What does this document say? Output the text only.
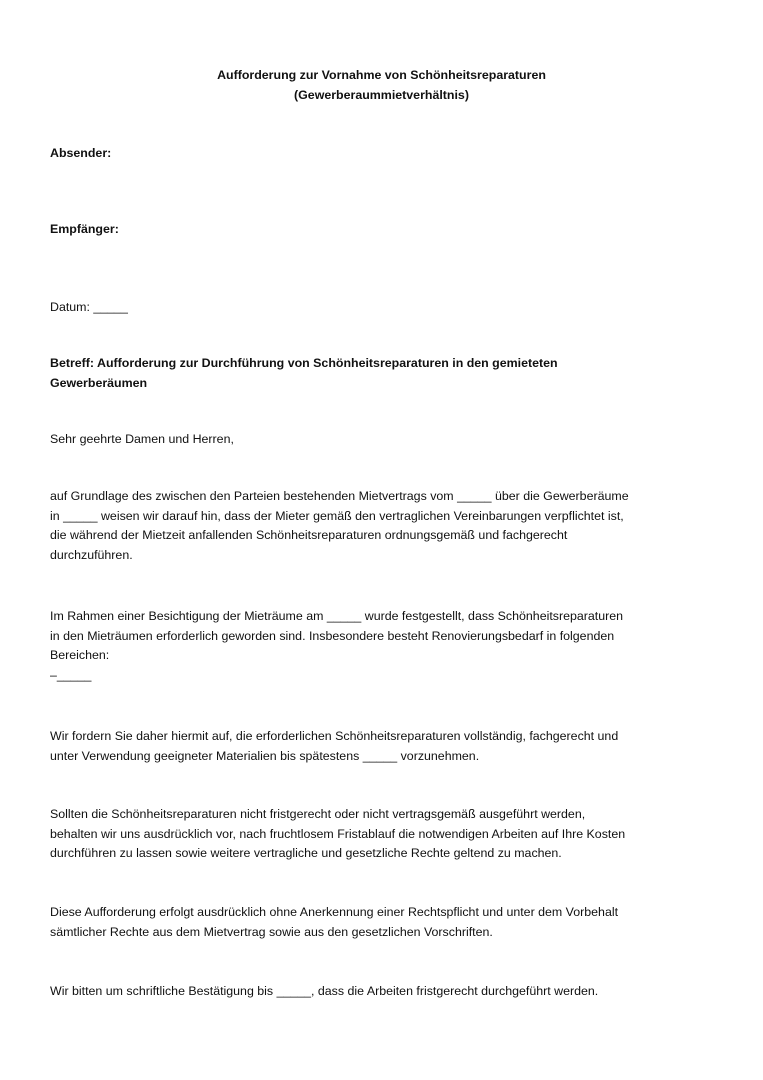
Aufforderung zur Vornahme von Schönheitsreparaturen
(Gewerberaummietverhältnis)

Absender:

Empfänger:

Datum: _____

Betreff: Aufforderung zur Durchführung von Schönheitsreparaturen in den gemieteten
Gewerberäumen

Sehr geehrte Damen und Herren,

auf Grundlage des zwischen den Parteien bestehenden Mietvertrags vom _____ über die Gewerberäume
in _____ weisen wir darauf hin, dass der Mieter gemäß den vertraglichen Vereinbarungen verpflichtet ist,
die während der Mietzeit anfallenden Schönheitsreparaturen ordnungsgemäß und fachgerecht
durchzuführen.
Im Rahmen einer Besichtigung der Mieträume am _____ wurde festgestellt, dass Schönheitsreparaturen
in den Mieträumen erforderlich geworden sind. Insbesondere besteht Renovierungsbedarf in folgenden
Bereichen:
–_____
Wir fordern Sie daher hiermit auf, die erforderlichen Schönheitsreparaturen vollständig, fachgerecht und
unter Verwendung geeigneter Materialien bis spätestens _____ vorzunehmen.
Sollten die Schönheitsreparaturen nicht fristgerecht oder nicht vertragsgemäß ausgeführt werden,
behalten wir uns ausdrücklich vor, nach fruchtlosem Fristablauf die notwendigen Arbeiten auf Ihre Kosten
durchführen zu lassen sowie weitere vertragliche und gesetzliche Rechte geltend zu machen.
Diese Aufforderung erfolgt ausdrücklich ohne Anerkennung einer Rechtspflicht und unter dem Vorbehalt
sämtlicher Rechte aus dem Mietvertrag sowie aus den gesetzlichen Vorschriften.
Wir bitten um schriftliche Bestätigung bis _____, dass die Arbeiten fristgerecht durchgeführt werden.
